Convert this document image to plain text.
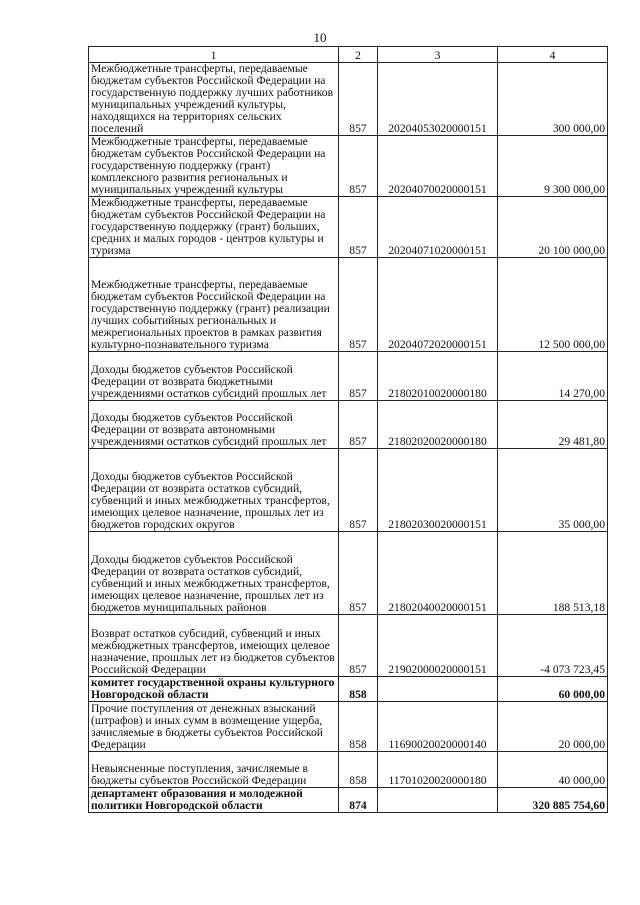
10
1	2	3	4
Межбюджетные трансферты, передаваемые бюджетам субъектов Российской Федерации на государственную поддержку лучших работников муниципальных учреждений культуры, находящихся на территориях сельских поселений	857	20204053020000151	300 000,00
Межбюджетные трансферты, передаваемые бюджетам субъектов Российской Федерации на государственную поддержку (грант) комплексного развития региональных и муниципальных учреждений культуры	857	20204070020000151	9 300 000,00
Межбюджетные трансферты, передаваемые бюджетам субъектов Российской Федерации на государственную поддержку (грант) больших, средних и малых городов - центров культуры и туризма	857	20204071020000151	20 100 000,00
Межбюджетные трансферты, передаваемые бюджетам субъектов Российской Федерации на государственную поддержку (грант) реализации лучших событийных региональных и межрегиональных проектов в рамках развития культурно-познавательного туризма	857	20204072020000151	12 500 000,00
Доходы бюджетов субъектов Российской Федерации от возврата бюджетными учреждениями остатков субсидий прошлых лет	857	21802010020000180	14 270,00
Доходы бюджетов субъектов Российской Федерации от возврата автономными учреждениями остатков субсидий прошлых лет	857	21802020020000180	29 481,80
Доходы бюджетов субъектов Российской Федерации от возврата остатков субсидий, субвенций и иных межбюджетных трансфертов, имеющих целевое назначение, прошлых лет из бюджетов городских округов	857	21802030020000151	35 000,00
Доходы бюджетов субъектов Российской Федерации от возврата остатков субсидий, субвенций и иных межбюджетных трансфертов, имеющих целевое назначение, прошлых лет из бюджетов муниципальных районов	857	21802040020000151	188 513,18
Возврат остатков субсидий, субвенций и иных межбюджетных трансфертов, имеющих целевое назначение, прошлых лет из бюджетов субъектов Российской Федерации	857	21902000020000151	-4 073 723,45
комитет государственной охраны культурного Новгородской области	858		60 000,00
Прочие поступления от денежных взысканий (штрафов) и иных сумм в возмещение ущерба, зачисляемые в бюджеты субъектов Российской Федерации	858	11690020020000140	20 000,00
Невыясненные поступления, зачисляемые в бюджеты субъектов Российской Федерации	858	11701020020000180	40 000,00
департамент образования и молодежной политики Новгородской области	874		320 885 754,60
